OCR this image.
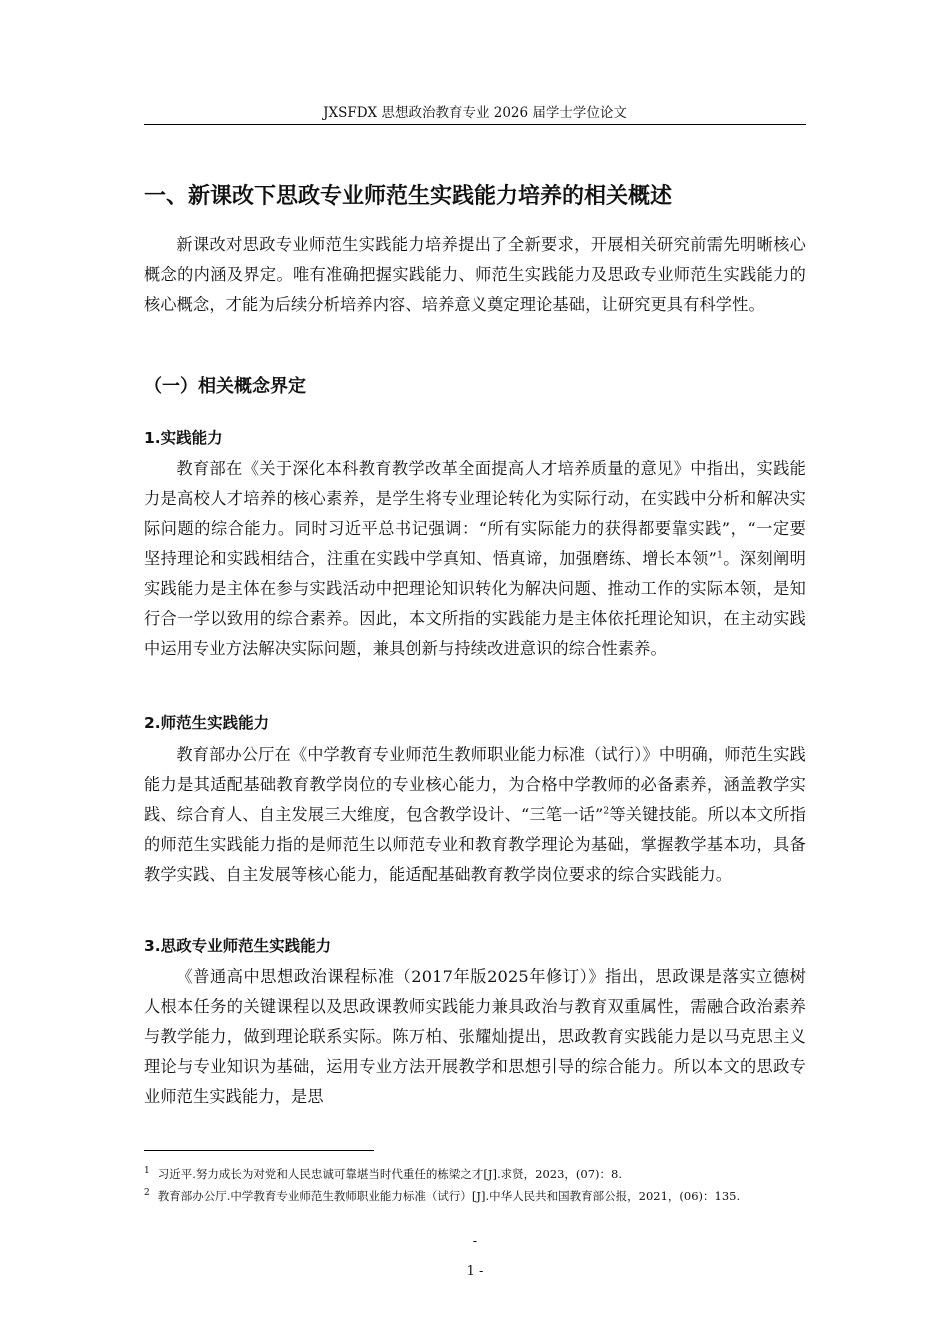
JXSFDX 思想政治教育专业 2026 届学士学位论文
一、新课改下思政专业师范生实践能力培养的相关概述

新课改对思政专业师范生实践能力培养提出了全新要求，开展相关研究前需先明晰核心概念的内涵及界定。唯有准确把握实践能力、师范生实践能力及思政专业师范生实践能力的核心概念，才能为后续分析培养内容、培养意义奠定理论基础，让研究更具有科学性。

（一）相关概念界定
1.实践能力

教育部在《关于深化本科教育教学改革全面提高人才培养质量的意见》中指出，实践能力是高校人才培养的核心素养，是学生将专业理论转化为实际行动，在实践中分析和解决实际问题的综合能力。同时习近平总书记强调：“所有实际能力的获得都要靠实践”，“一定要坚持理论和实践相结合，注重在实践中学真知、悟真谛，加强磨练、增长本领”$^1$。深刻阐明实践能力是主体在参与实践活动中把理论知识转化为解决问题、推动工作的实际本领，是知行合一学以致用的综合素养。因此，本文所指的实践能力是主体依托理论知识，在主动实践中运用专业方法解决实际问题，兼具创新与持续改进意识的综合性素养。

2.师范生实践能力

教育部办公厅在《中学教育专业师范生教师职业能力标准（试行）》中明确，师范生实践能力是其适配基础教育教学岗位的专业核心能力，为合格中学教师的必备素养，涵盖教学实践、综合育人、自主发展三大维度，包含教学设计、“三笔一话”$^2$等关键技能。所以本文所指的师范生实践能力指的是师范生以师范专业和教育教学理论为基础，掌握教学基本功，具备教学实践、自主发展等核心能力，能适配基础教育教学岗位要求的综合实践能力。

3.思政专业师范生实践能力

《普通高中思想政治课程标准（2017年版2025年修订）》指出，思政课是落实立德树人根本任务的关键课程以及思政课教师实践能力兼具政治与教育双重属性，需融合政治素养与教学能力，做到理论联系实际。陈万柏、张耀灿提出，思政教育实践能力是以马克思主义理论与专业知识为基础，运用专业方法开展教学和思想引导的综合能力。所以本文的思政专业师范生实践能力，是思

$^1$ 习近平.努力成长为对党和人民忠诚可靠堪当时代重任的栋梁之才[J].求贤，2023，(07)：8.

$^2$ 教育部办公厅.中学教育专业师范生教师职业能力标准（试行）[J].中华人民共和国教育部公报，2021，(06)：135.

-
1 -
